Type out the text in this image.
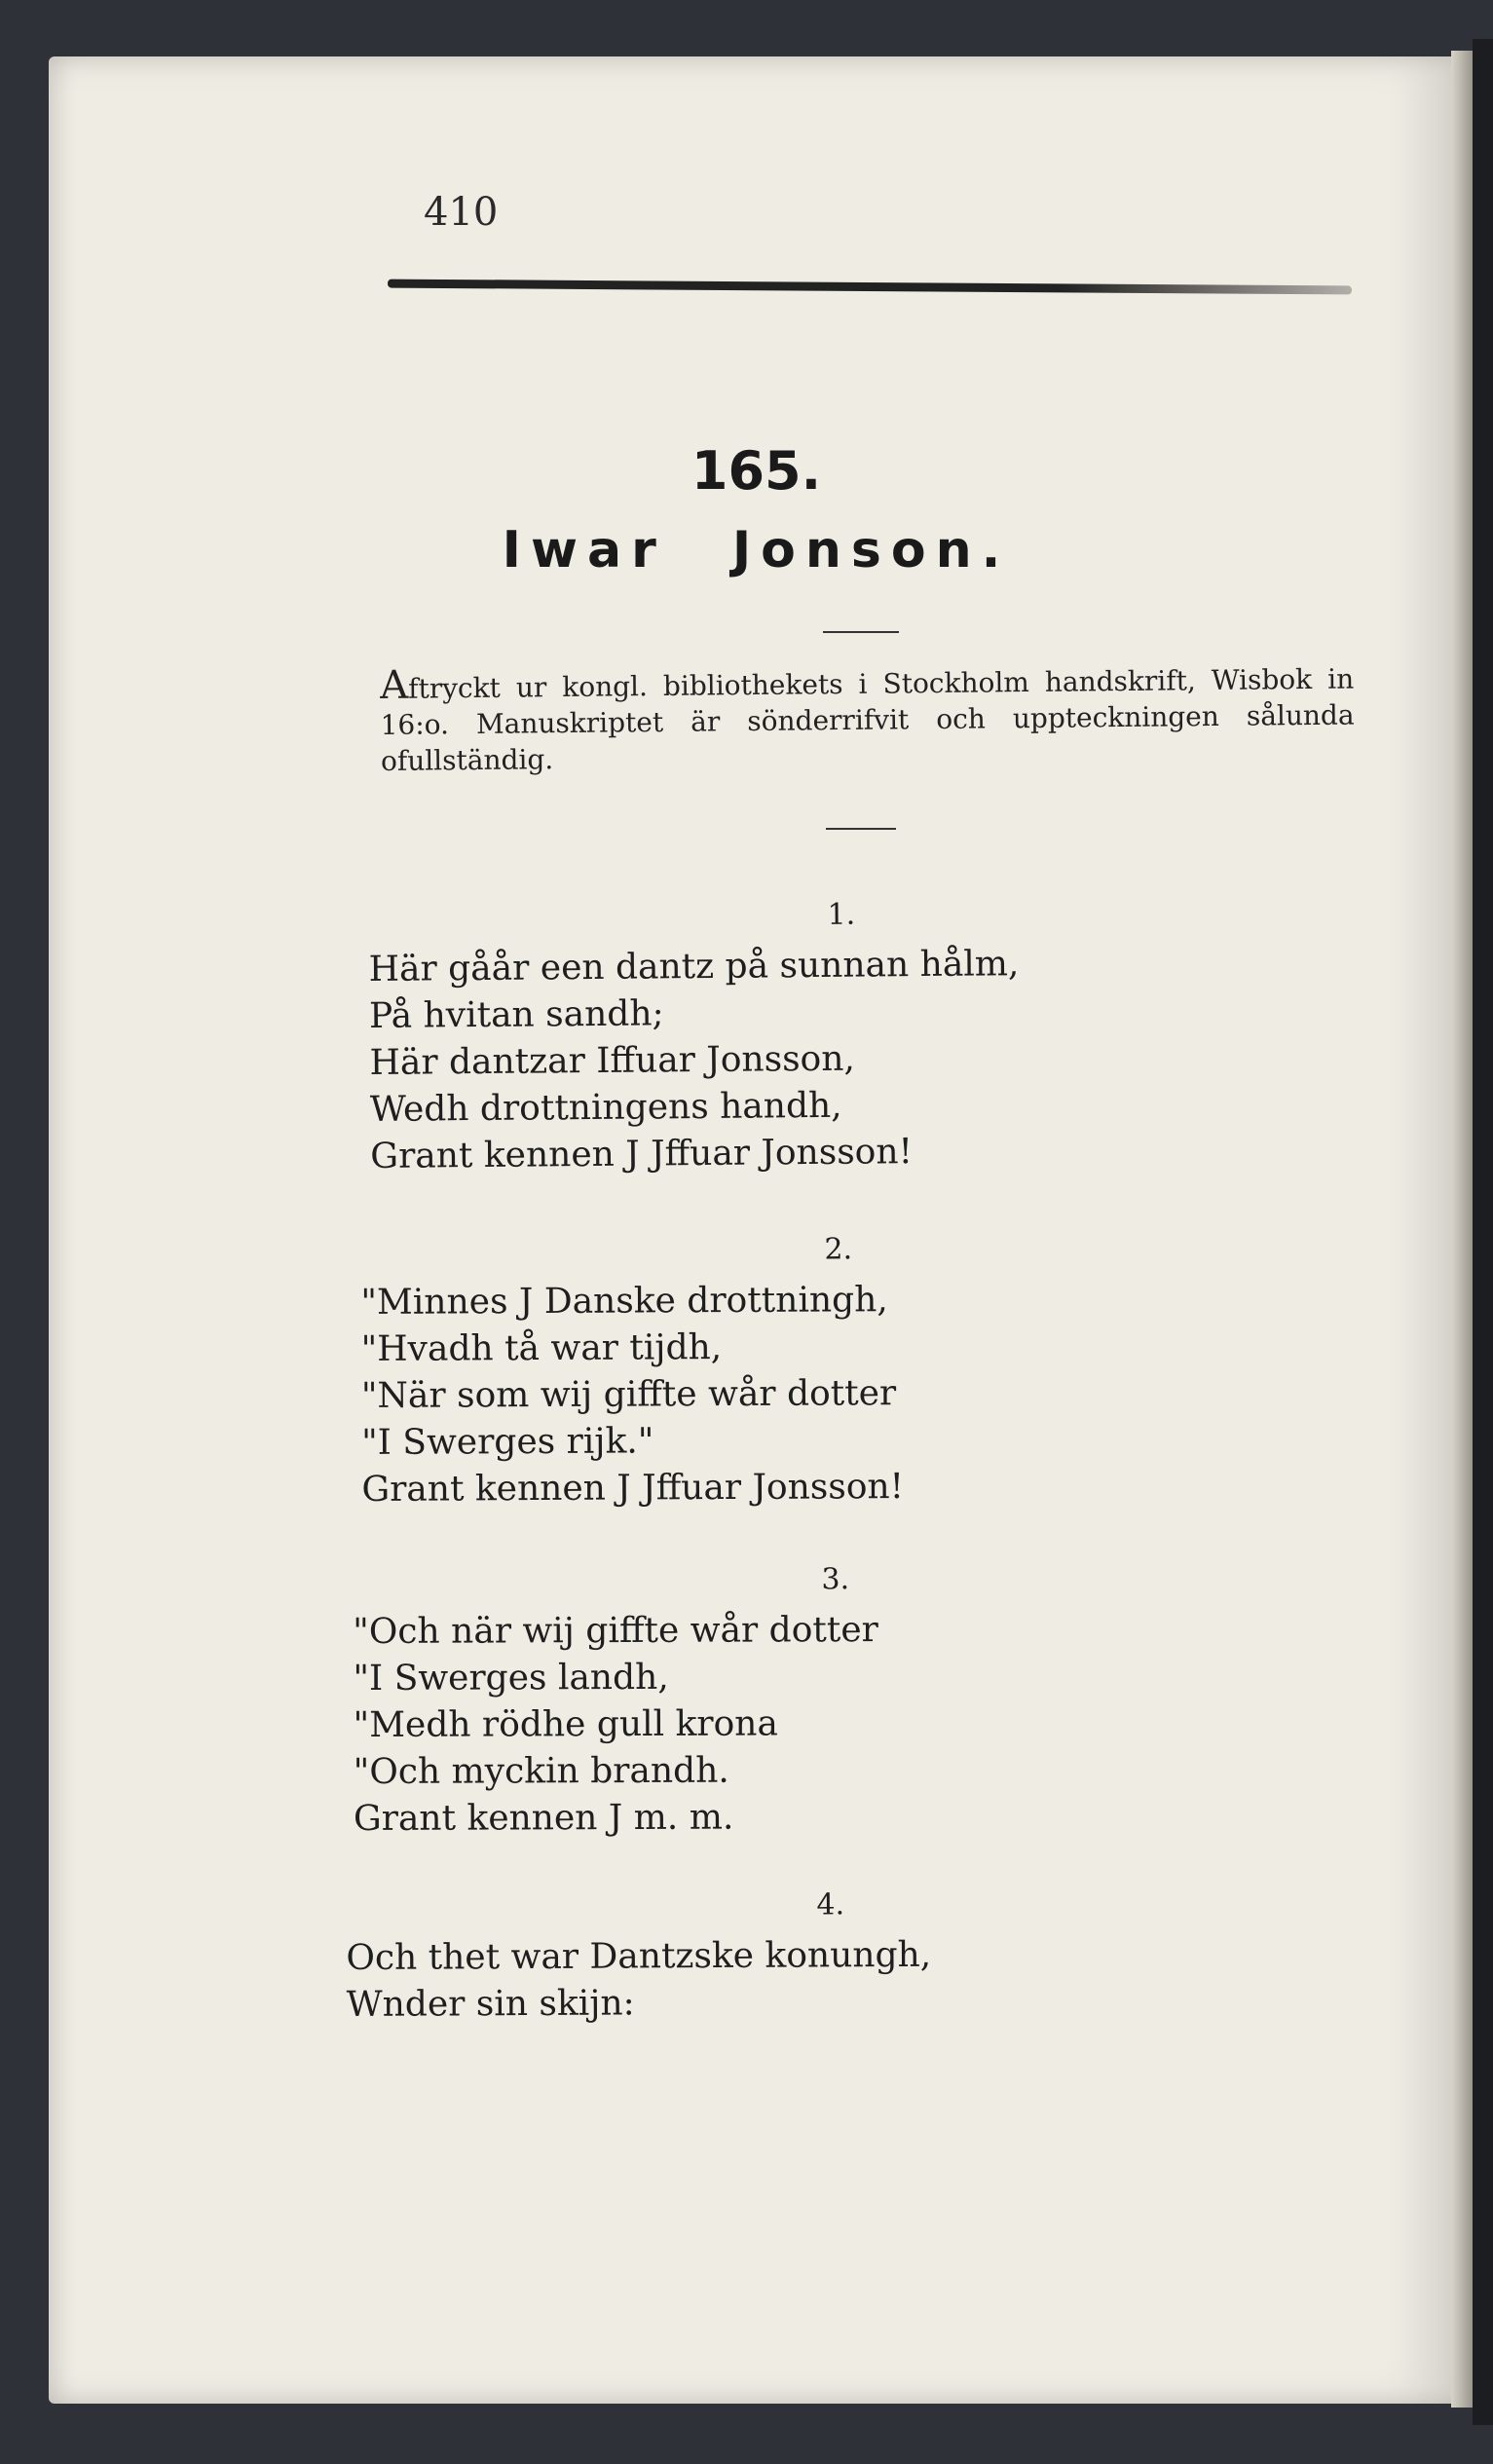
410
165.
Iwar Jonson.
Aftryckt ur kongl. bibliothekets i Stockholm handskrift, Wisbok in 16:o. Manuskriptet är sönderrifvit och uppteckningen sålunda ofullständig.
1.
Här gåår een dantz på sunnan hålm,
På hvitan sandh;
Här dantzar Iffuar Jonsson,
Wedh drottningens handh,
Grant kennen J Jffuar Jonsson!
2.
"Minnes J Danske drottningh,
"Hvadh tå war tijdh,
"När som wij giffte wår dotter
"I Swerges rijk."
Grant kennen J Jffuar Jonsson!
3.
"Och när wij giffte wår dotter
"I Swerges landh,
"Medh rödhe gull krona
"Och myckin brandh.
Grant kennen J m. m.
4.
Och thet war Dantzske konungh,
Wnder sin skijn:
